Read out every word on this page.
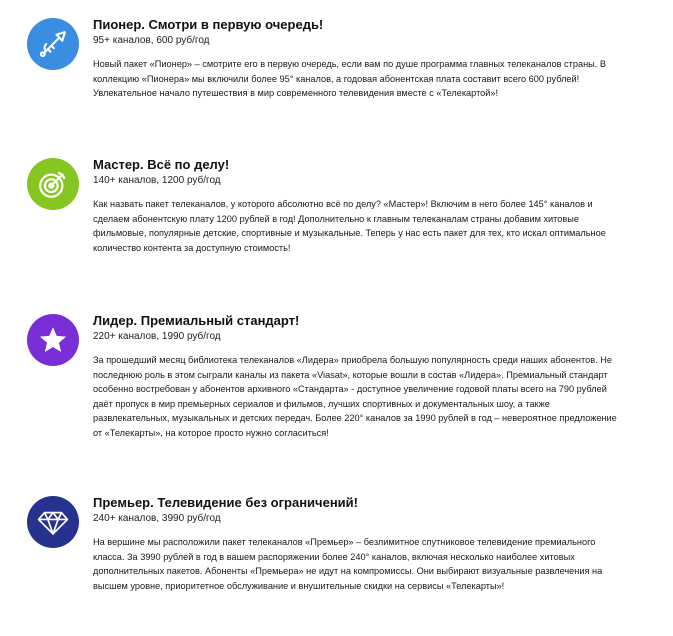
Пионер. Смотри в первую очередь!
95+ каналов, 600 руб/год

Новый пакет «Пионер» – смотрите его в первую очередь, если вам по душе программа главных телеканалов страны. В коллекцию «Пионера» мы включили более 95° каналов, а годовая абонентская плата составит всего 600 рублей! Увлекательное начало путешествия в мир современного телевидения вместе с «Телекартой»!

Мастер. Всё по делу!
140+ каналов, 1200 руб/год

Как назвать пакет телеканалов, у которого абсолютно всё по делу? «Мастер»! Включим в него более 145° каналов и сделаем абонентскую плату 1200 рублей в год! Дополнительно к главным телеканалам страны добавим хитовые фильмовые, популярные детские, спортивные и музыкальные. Теперь у нас есть пакет для тех, кто искал оптимальное количество контента за доступную стоимость!

Лидер. Премиальный стандарт!
220+ каналов, 1990 руб/год

За прошедший месяц библиотека телеканалов «Лидера» приобрела большую популярность среди наших абонентов. Не последнюю роль в этом сыграли каналы из пакета «Viasat», которые вошли в состав «Лидера». Премиальный стандарт особенно востребован у абонентов архивного «Стандарта» - доступное увеличение годовой платы всего на 790 рублей даёт пропуск в мир премьерных сериалов и фильмов, лучших спортивных и документальных шоу, а также развлекательных, музыкальных и детских передач. Более 220° каналов за 1990 рублей в год – невероятное предложение от «Телекарты», на которое просто нужно согласиться!

Премьер. Телевидение без ограничений!
240+ каналов, 3990 руб/год

На вершине мы расположили пакет телеканалов «Премьер» – безлимитное спутниковое телевидение премиального класса. За 3990 рублей в год в вашем распоряжении более 240° каналов, включая несколько наиболее хитовых дополнительных пакетов. Абоненты «Премьера» не идут на компромиссы. Они выбирают визуальные развлечения на высшем уровне, приоритетное обслуживание и внушительные скидки на сервисы «Телекарты»!
